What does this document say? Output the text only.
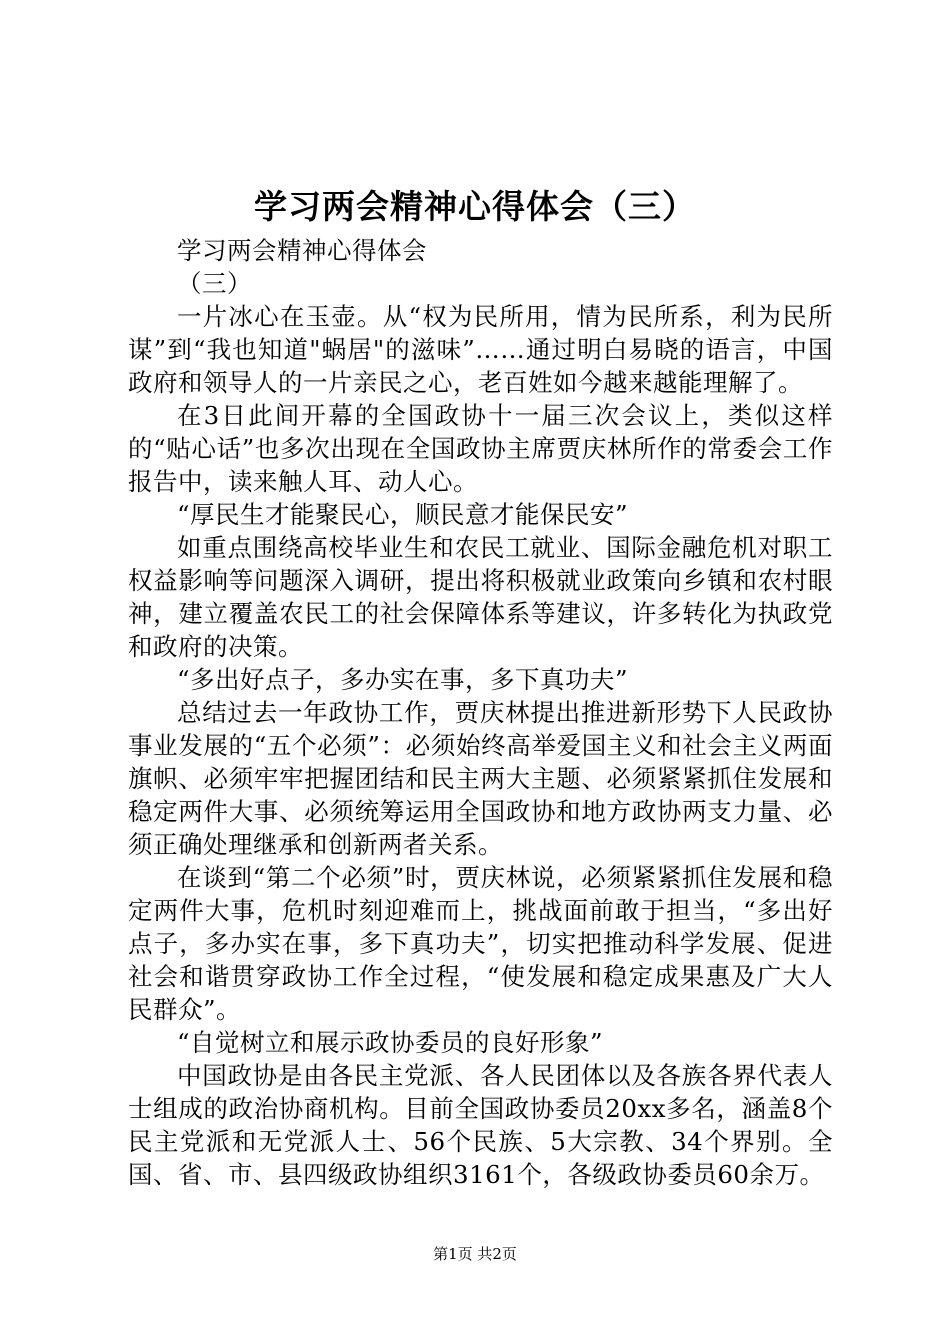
学习两会精神心得体会（三）

学习两会精神心得体会

（三）

一片冰心在玉壶。从“权为民所用，情为民所系，利为民所谋”到“我也知道"蜗居"的滋味”……通过明白易晓的语言，中国政府和领导人的一片亲民之心，老百姓如今越来越能理解了。

在3日此间开幕的全国政协十一届三次会议上，类似这样的“贴心话”也多次出现在全国政协主席贾庆林所作的常委会工作报告中，读来触人耳、动人心。

“厚民生才能聚民心，顺民意才能保民安”

如重点围绕高校毕业生和农民工就业、国际金融危机对职工权益影响等问题深入调研，提出将积极就业政策向乡镇和农村眼神，建立覆盖农民工的社会保障体系等建议，许多转化为执政党和政府的决策。

“多出好点子，多办实在事，多下真功夫”

总结过去一年政协工作，贾庆林提出推进新形势下人民政协事业发展的“五个必须”：必须始终高举爱国主义和社会主义两面旗帜、必须牢牢把握团结和民主两大主题、必须紧紧抓住发展和稳定两件大事、必须统筹运用全国政协和地方政协两支力量、必须正确处理继承和创新两者关系。

在谈到“第二个必须”时，贾庆林说，必须紧紧抓住发展和稳定两件大事，危机时刻迎难而上，挑战面前敢于担当，“多出好点子，多办实在事，多下真功夫”，切实把推动科学发展、促进社会和谐贯穿政协工作全过程，“使发展和稳定成果惠及广大人民群众”。

“自觉树立和展示政协委员的良好形象”

中国政协是由各民主党派、各人民团体以及各族各界代表人士组成的政治协商机构。目前全国政协委员20xx多名，涵盖8个民主党派和无党派人士、56个民族、5大宗教、34个界别。全国、省、市、县四级政协组织3161个，各级政协委员60余万。

第1页 共2页
